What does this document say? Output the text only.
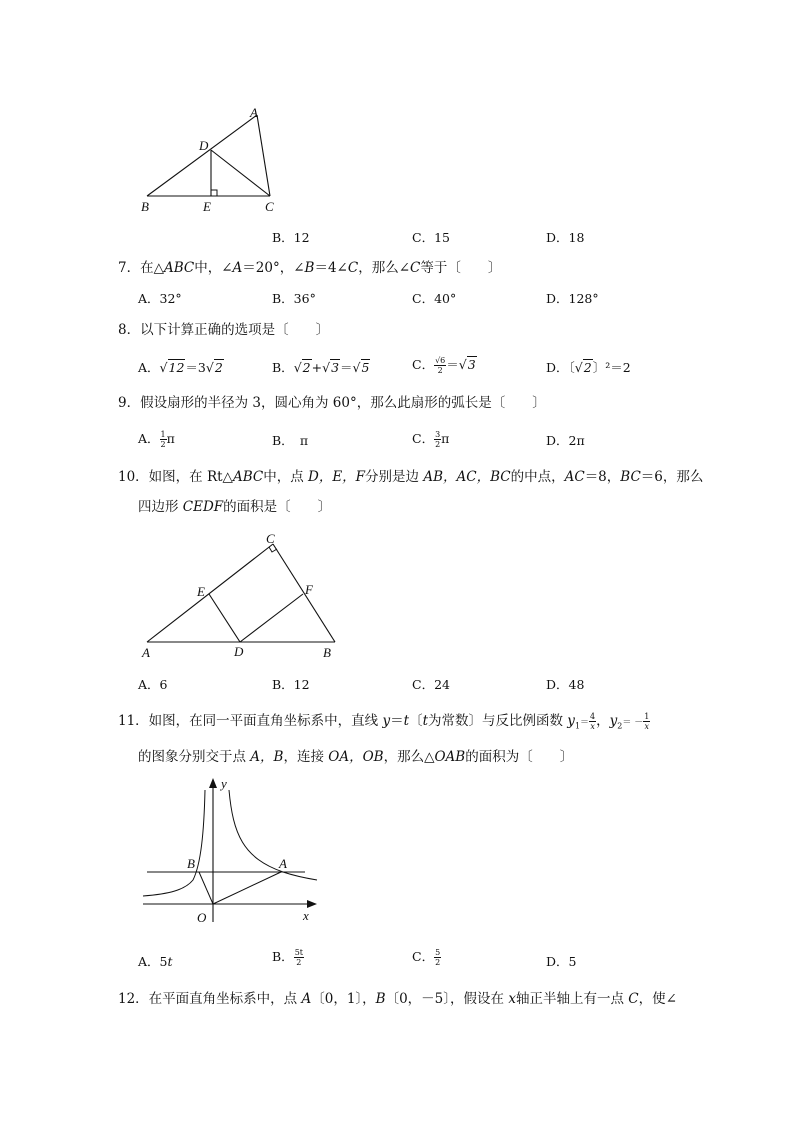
A
D
B	E	C
B．12	C．15	D．18
7．在△ABC中，∠A＝20°，∠B＝4∠C，那么∠C等于〔　　〕
A．32°	B．36°	C．40°	D．128°
8．以下计算正确的选项是〔　　〕
A．√12＝3√2	B．√2+√3＝√5	C． $\frac{√6}{2} =√3$	D．〔√2〕²＝2
9．假设扇形的半径为 3，圆心角为 60°，那么此扇形的弧长是〔　　〕
A． $\frac{1}{2}$ π	B．　π	C． $\frac{3}{2}$ π	D．2π
10．如图，在 Rt△ABC中，点 D，E，F分别是边 AB，AC，BC的中点，AC＝8，BC＝6，那么
四边形 CEDF的面积是〔　　〕
C
E	F
A	D	B
A．6	B．12	C．24	D．48
11．如图，在同一平面直角坐标系中，直线 y＝t〔t为常数〕与反比例函数 $y_1= \frac{4}{x}$ ，$y_2= - \frac{1}{x}$
的图象分别交于点 A，B，连接 OA，OB，那么△OAB的面积为〔　　〕
y
x
B	A
O
A．5t	B． $\frac{5t}{2}$	C． $\frac{5}{2}$	D．5
12．在平面直角坐标系中，点 A〔0，1〕，B〔0，－5〕，假设在 x轴正半轴上有一点 C，使∠
